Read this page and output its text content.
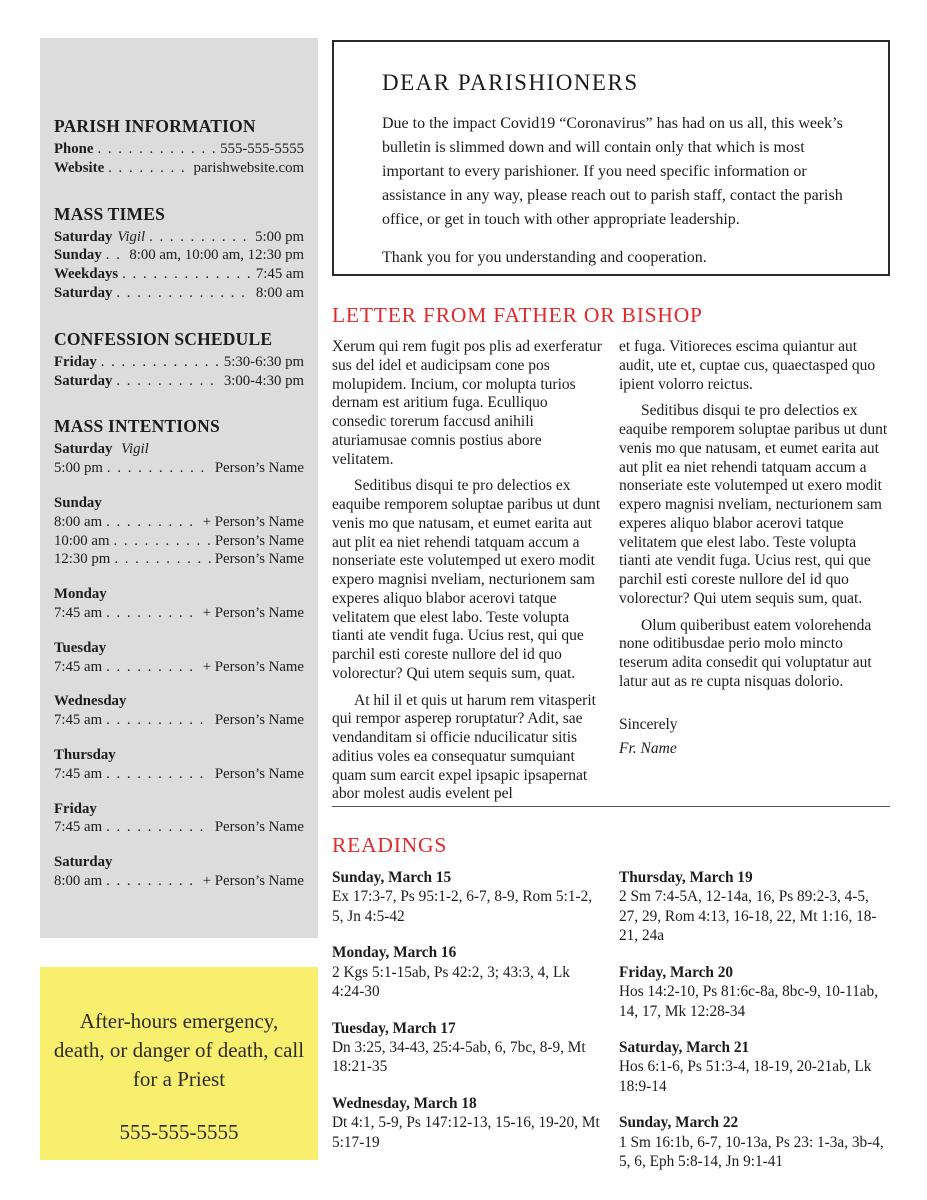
PARISH INFORMATION
Phone . . .	555-555-5555
Website . . .	parishwebsite.com
MASS TIMES
Saturday Vigil . . .	5:00 pm
Sunday . . . 8:00 am, 10:00 am, 12:30 pm
Weekdays . . .	7:45 am
Saturday . . .	8:00 am
CONFESSION SCHEDULE
Friday . . .	5:30-6:30 pm
Saturday . . .	3:00-4:30 pm
MASS INTENTIONS
Saturday Vigil
5:00 pm . . .	Person’s Name
Sunday
8:00 am . . .	+ Person’s Name
10:00 am . . .	Person’s Name
12:30 pm . . .	Person’s Name
Monday
7:45 am . . .	+ Person’s Name
Tuesday
7:45 am . . .	+ Person’s Name
Wednesday
7:45 am . . .	Person’s Name
Thursday
7:45 am . . .	Person’s Name
Friday
7:45 am . . .	Person’s Name
Saturday
8:00 am . . .	+ Person’s Name
After-hours emergency, death, or danger of death, call for a Priest
555-555-5555
DEAR PARISHIONERS

Due to the impact Covid19 “Coronavirus” has had on us all, this week’s bulletin is slimmed down and will contain only that which is most important to every parishioner. If you need specific information or assistance in any way, please reach out to parish staff, contact the parish office, or get in touch with other appropriate leadership.

Thank you for you understanding and cooperation.

LETTER FROM FATHER OR BISHOP

Xerum qui rem fugit pos plis ad exerferatur sus del idel et audicipsam cone pos molupidem. Incium, cor molupta turios dernam est aritium fuga. Eculliquo consedic torerum faccusd anihili aturiamusae comnis postius abore velitatem.

Seditibus disqui te pro delectios ex eaquibe remporem soluptae paribus ut dunt venis mo que natusam, et eumet earita aut aut plit ea niet rehendi tatquam accum a nonseriate este volutemped ut exero modit expero magnisi nveliam, necturionem sam experes aliquo blabor acerovi tatque velitatem que elest labo. Teste volupta tianti ate vendit fuga. Ucius rest, qui que parchil esti coreste nullore del id quo volorectur? Qui utem sequis sum, quat.

At hil il et quis ut harum rem vitasperit qui rempor asperep roruptatur? Adit, sae vendanditam si officie nducilicatur sitis aditius voles ea consequatur sumquiant quam sum earcit expel ipsapic ipsapernat abor molest audis evelent pel

et fuga. Vitioreces escima quiantur aut audit, ute et, cuptae cus, quaectasped quo ipient volorro reictus.

Seditibus disqui te pro delectios ex eaquibe remporem soluptae paribus ut dunt venis mo que natusam, et eumet earita aut aut plit ea niet rehendi tatquam accum a nonseriate este volutemped ut exero modit expero magnisi nveliam, necturionem sam experes aliquo blabor acerovi tatque velitatem que elest labo. Teste volupta tianti ate vendit fuga. Ucius rest, qui que parchil esti coreste nullore del id quo volorectur? Qui utem sequis sum, quat.

Olum quiberibust eatem volorehenda none oditibusdae perio molo mincto teserum adita consedit qui voluptatur aut latur aut as re cupta nisquas dolorio.

Sincerely
Fr. Name
READINGS
Sunday, March 15
Ex 17:3-7, Ps 95:1-2, 6-7, 8-9, Rom 5:1-2, 5, Jn 4:5-42
Monday, March 16
2 Kgs 5:1-15ab, Ps 42:2, 3; 43:3, 4, Lk 4:24-30
Tuesday, March 17
Dn 3:25, 34-43, 25:4-5ab, 6, 7bc, 8-9, Mt 18:21-35
Wednesday, March 18
Dt 4:1, 5-9, Ps 147:12-13, 15-16, 19-20, Mt 5:17-19
Thursday, March 19
2 Sm 7:4-5A, 12-14a, 16, Ps 89:2-3, 4-5, 27, 29, Rom 4:13, 16-18, 22, Mt 1:16, 18-21, 24a
Friday, March 20
Hos 14:2-10, Ps 81:6c-8a, 8bc-9, 10-11ab, 14, 17, Mk 12:28-34
Saturday, March 21
Hos 6:1-6, Ps 51:3-4, 18-19, 20-21ab, Lk 18:9-14
Sunday, March 22
1 Sm 16:1b, 6-7, 10-13a, Ps 23: 1-3a, 3b-4, 5, 6, Eph 5:8-14, Jn 9:1-41
